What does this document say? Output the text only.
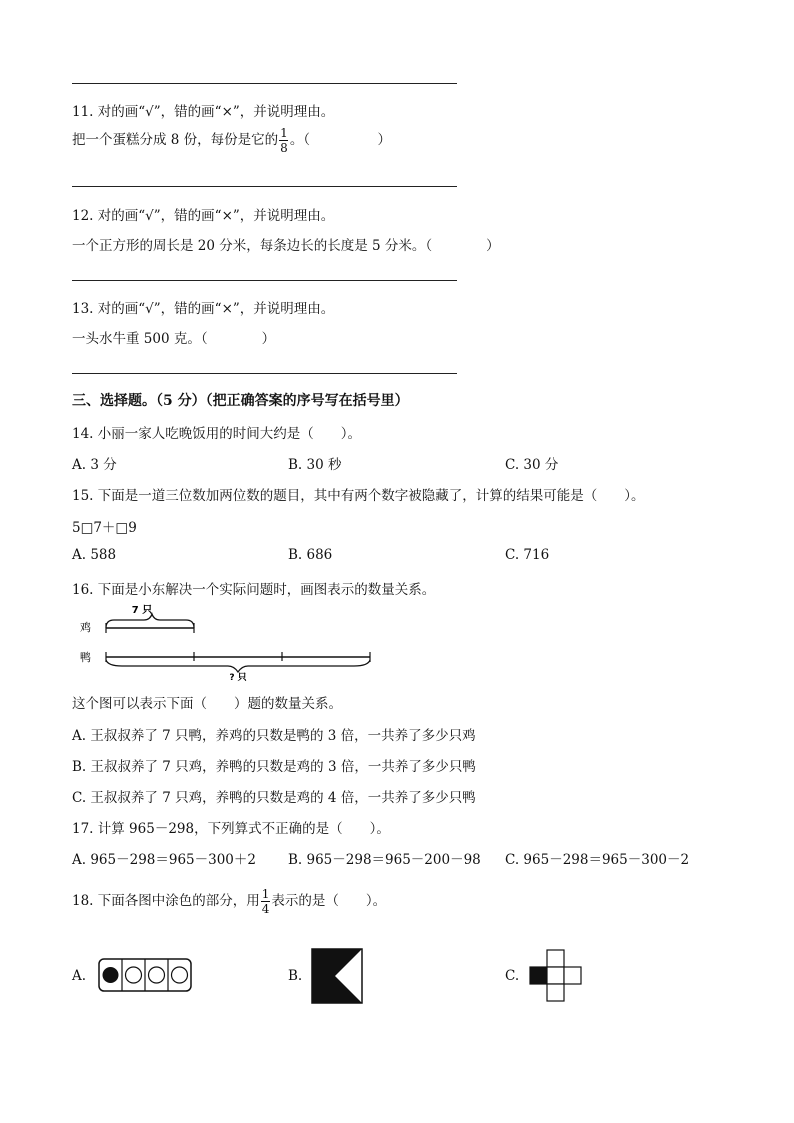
11. 对的画“√”，错的画“×”，并说明理由。
把一个蛋糕分成 8 份，每份是它的 $\frac{1}{8}$ 。（　　　　　）
12. 对的画“√”，错的画“×”，并说明理由。
一个正方形的周长是 20 分米，每条边长的长度是 5 分米。（　　　　）
13. 对的画“√”，错的画“×”，并说明理由。
一头水牛重 500 克。（　　　　）
三、选择题。（5 分）（把正确答案的序号写在括号里）
14. 小丽一家人吃晚饭用的时间大约是（　　）。
A. 3 分	B. 30 秒	C. 30 分
15. 下面是一道三位数加两位数的题目，其中有两个数字被隐藏了，计算的结果可能是（　　）。
5□7＋□9
A. 588	B. 686	C. 716
16. 下面是小东解决一个实际问题时，画图表示的数量关系。
7 只
鸡
鸭
? 只
这个图可以表示下面（　　）题的数量关系。
A. 王叔叔养了 7 只鸭，养鸡的只数是鸭的 3 倍，一共养了多少只鸡
B. 王叔叔养了 7 只鸡，养鸭的只数是鸡的 3 倍，一共养了多少只鸭
C. 王叔叔养了 7 只鸡，养鸭的只数是鸡的 4 倍，一共养了多少只鸭
17. 计算 965－298，下列算式不正确的是（　　）。
A. 965－298＝965－300＋2 B. 965－298＝965－200－98 C. 965－298＝965－300－2
18. 下面各图中涂色的部分，用 $\frac{1}{4}$ 表示的是（　　）。
A.	B.	C.
